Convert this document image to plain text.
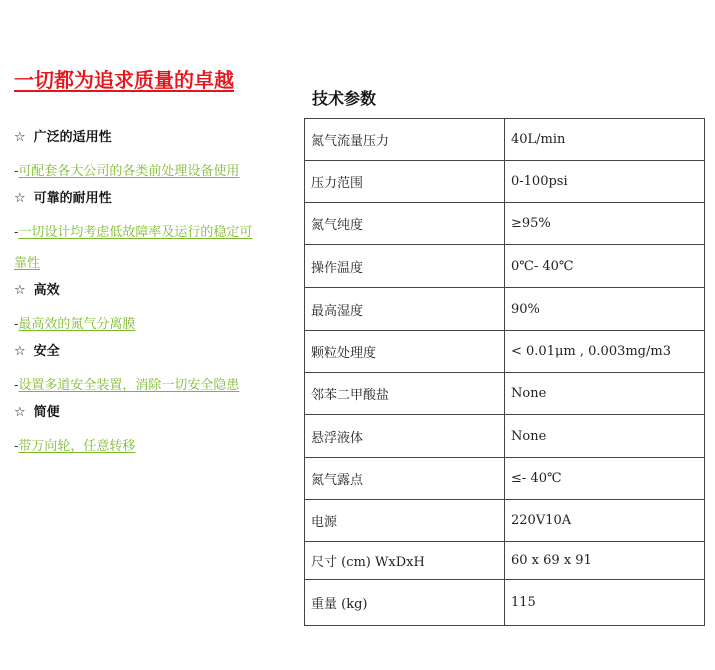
一切都为追求质量的卓越
☆ 广泛的适用性
-可配套各大公司的各类前处理设备使用
☆ 可靠的耐用性
-一切设计均考虑低故障率及运行的稳定可靠性
☆ 高效
-最高效的氮气分离膜
☆ 安全
-设置多道安全装置，消除一切安全隐患
☆ 简便
-带万向轮，任意转移
技术参数
氮气流量压力	40L/min
压力范围	0-100psi
氮气纯度	≥95%
操作温度	0℃- 40℃
最高湿度	90%
颗粒处理度	< 0.01μm , 0.003mg/m3
邻苯二甲酸盐	None
悬浮液体	None
氮气露点	≤- 40℃
电源	220V10A
尺寸 (cm) WxDxH	60 x 69 x 91
重量 (kg)	115
